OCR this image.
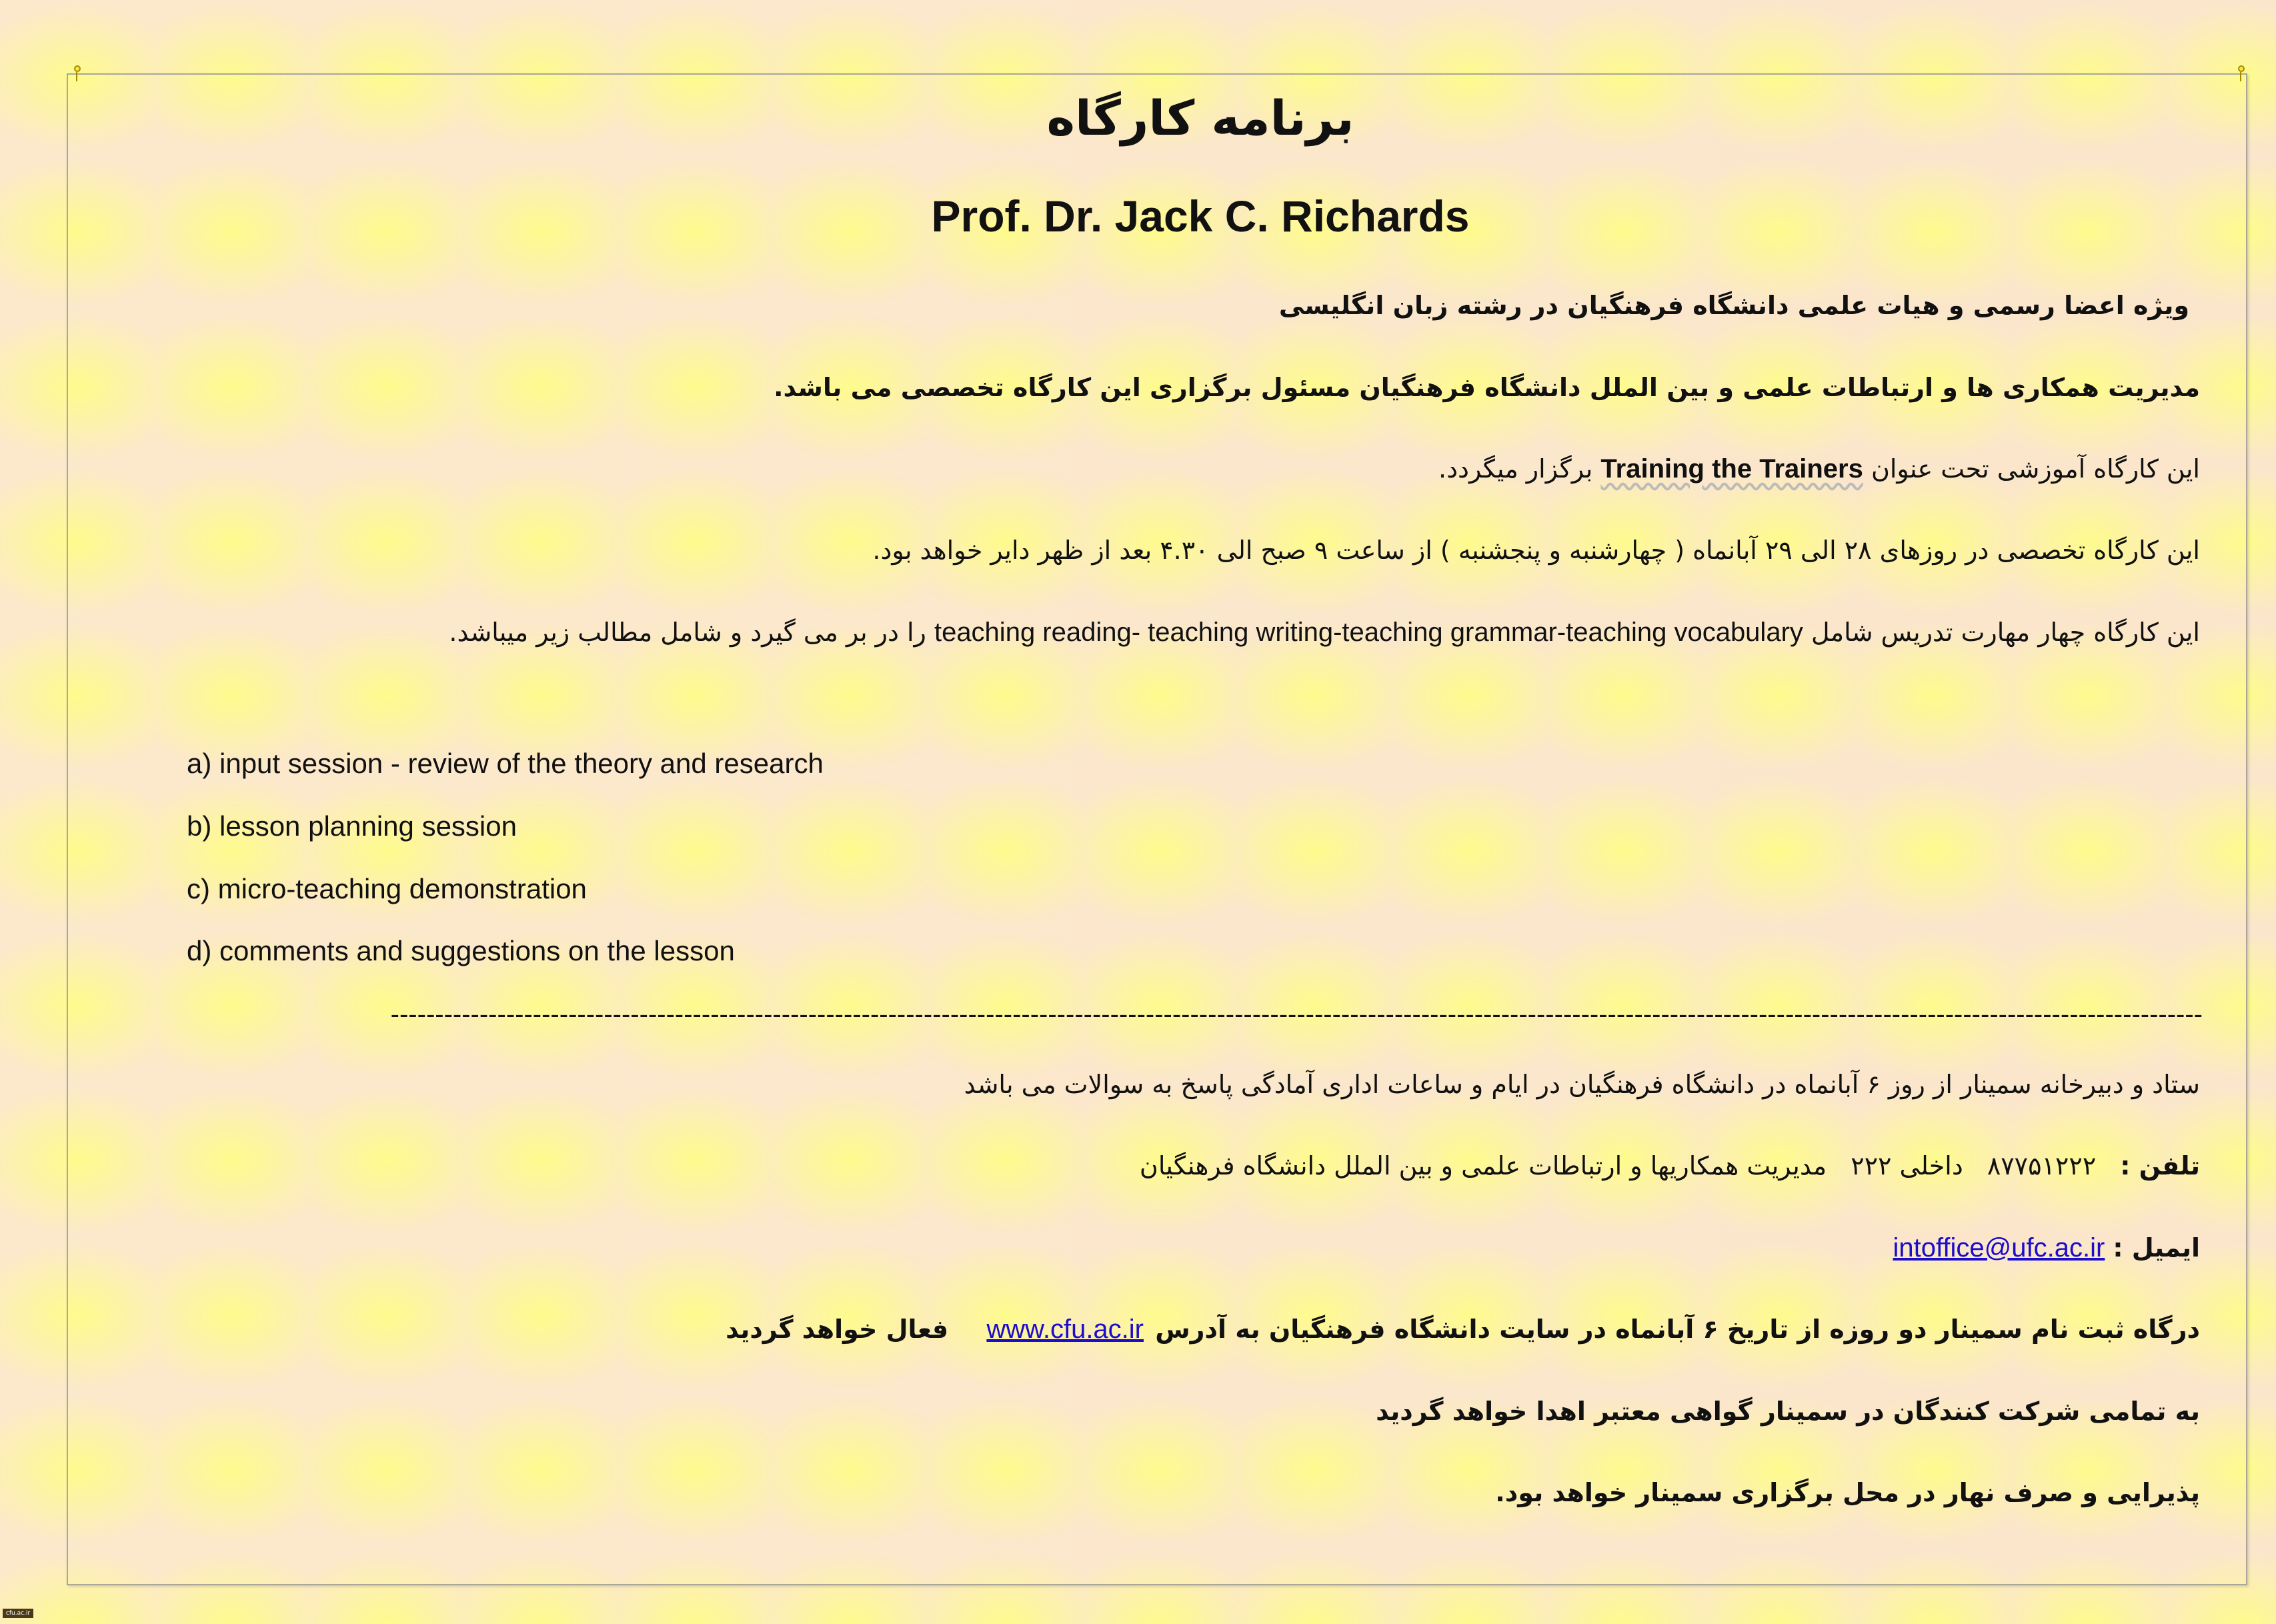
برنامه کارگاه
Prof. Dr. Jack C. Richards
ویژه اعضا رسمی و هیات علمی دانشگاه فرهنگیان در رشته زبان انگلیسی
مدیریت همکاری ها و ارتباطات علمی و بین الملل دانشگاه فرهنگیان مسئول برگزاری این کارگاه تخصصی می باشد.
این کارگاه آموزشی تحت عنوان Training the Trainers برگزار میگردد.
این کارگاه تخصصی در روزهای ۲۸ الی ۲۹ آبانماه ( چهارشنبه و پنجشنبه ) از ساعت ۹ صبح الی ۴.۳۰ بعد از ظهر دایر خواهد بود.
این کارگاه چهار مهارت تدریس شامل teaching reading- teaching writing-teaching grammar-teaching vocabulary را در بر می گیرد و شامل مطالب زیر میباشد.
a) input session - review of the theory and research
b) lesson planning session
c) micro-teaching demonstration
d) comments and suggestions on the lesson
------------------------------------------------------------------------------------------------------------------------------------------------------------------------------------------------------------
ستاد و دبیرخانه سمینار از روز ۶ آبانماه در دانشگاه فرهنگیان در ایام و ساعات اداری آمادگی پاسخ به سوالات می باشد
تلفن : ۸۷۷۵۱۲۲۲ داخلی ۲۲۲ مدیریت همکاریها و ارتباطات علمی و بین الملل دانشگاه فرهنگیان
ایمیل : intoffice@ufc.ac.ir
درگاه ثبت نام سمینار دو روزه از تاریخ ۶ آبانماه در سایت دانشگاه فرهنگیان به آدرس www.cfu.ac.ir فعال خواهد گردید
به تمامی شرکت کنندگان در سمینار گواهی معتبر اهدا خواهد گردید
پذیرایی و صرف نهار در محل برگزاری سمینار خواهد بود.
cfu.ac.ir
